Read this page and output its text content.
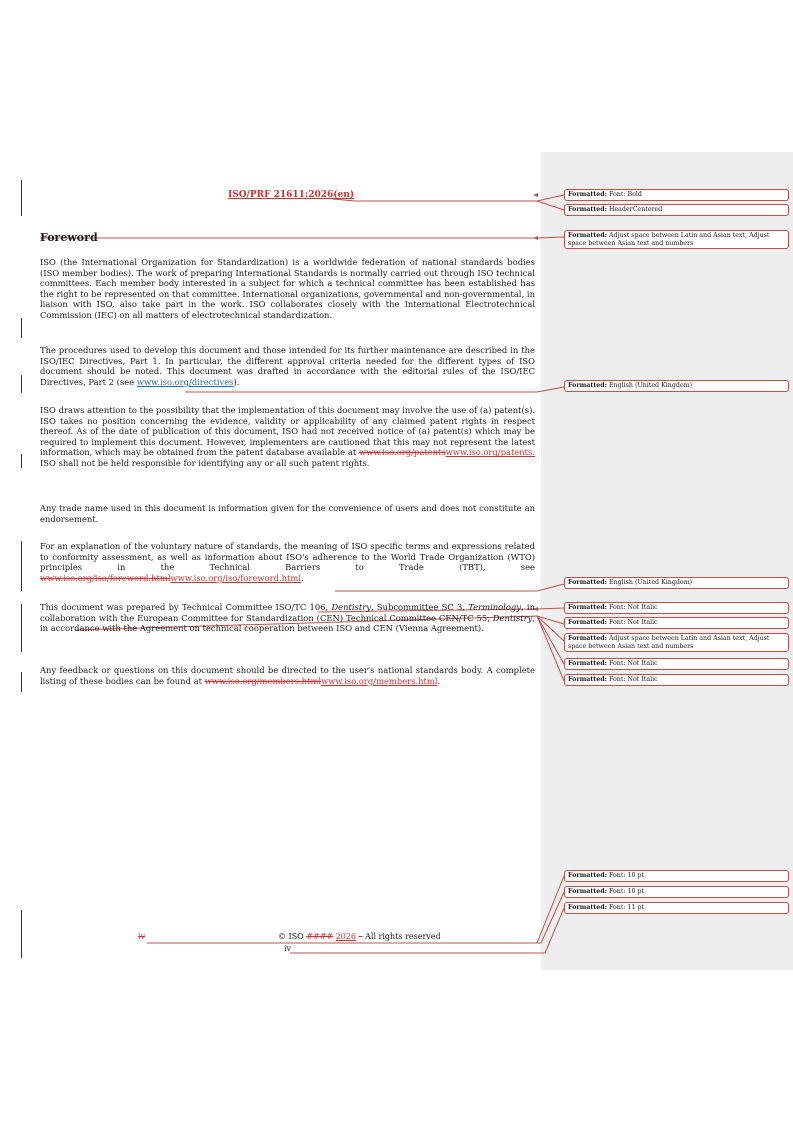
ISO/PRF 21611:2026(en)
Foreword
ISO (the International Organization for Standardization) is a worldwide federation of national standards bodies (ISO member bodies). The work of preparing International Standards is normally carried out through ISO technical committees. Each member body interested in a subject for which a technical committee has been established has the right to be represented on that committee. International organizations, governmental and non-governmental, in liaison with ISO, also take part in the work. ISO collaborates closely with the International Electrotechnical Commission (IEC) on all matters of electrotechnical standardization.
The procedures used to develop this document and those intended for its further maintenance are described in the ISO/IEC Directives, Part 1. In particular, the different approval criteria needed for the different types of ISO document should be noted. This document was drafted in accordance with the editorial rules of the ISO/IEC Directives, Part 2 (see www.iso.org/directives).
ISO draws attention to the possibility that the implementation of this document may involve the use of (a) patent(s). ISO takes no position concerning the evidence, validity or applicability of any claimed patent rights in respect thereof. As of the date of publication of this document, ISO had not received notice of (a) patent(s) which may be required to implement this document. However, implementers are cautioned that this may not represent the latest information, which may be obtained from the patent database available at www.iso.org/patentswww.iso.org/patents. ISO shall not be held responsible for identifying any or all such patent rights.
Any trade name used in this document is information given for the convenience of users and does not constitute an endorsement.
For an explanation of the voluntary nature of standards, the meaning of ISO specific terms and expressions related to conformity assessment, as well as information about ISO's adherence to the World Trade Organization (WTO) principles in the Technical Barriers to Trade (TBT), see www.iso.org/iso/foreword.htmlwww.iso.org/iso/foreword.html.
This document was prepared by Technical Committee ISO/TC 106, Dentistry, Subcommittee SC 3, Terminology, in collaboration with the European Committee for Standardization (CEN) Technical Committee CEN/TC 55, Dentistry, in accordance with the Agreement on technical cooperation between ISO and CEN (Vienna Agreement).
Any feedback or questions on this document should be directed to the user's national standards body. A complete listing of these bodies can be found at www.iso.org/members.htmlwww.iso.org/members.html.
iv	© ISO #### 2026 – All rights reserved
iv
Formatted: Font: Bold
Formatted: HeaderCentered
Formatted: Adjust space between Latin and Asian text, Adjust space between Asian text and numbers
Formatted: English (United Kingdom)
Formatted: English (United Kingdom)
Formatted: Font: Not Italic
Formatted: Font: Not Italic
Formatted: Adjust space between Latin and Asian text, Adjust space between Asian text and numbers
Formatted: Font: Not Italic
Formatted: Font: Not Italic
Formatted: Font: 10 pt
Formatted: Font: 10 pt
Formatted: Font: 11 pt
